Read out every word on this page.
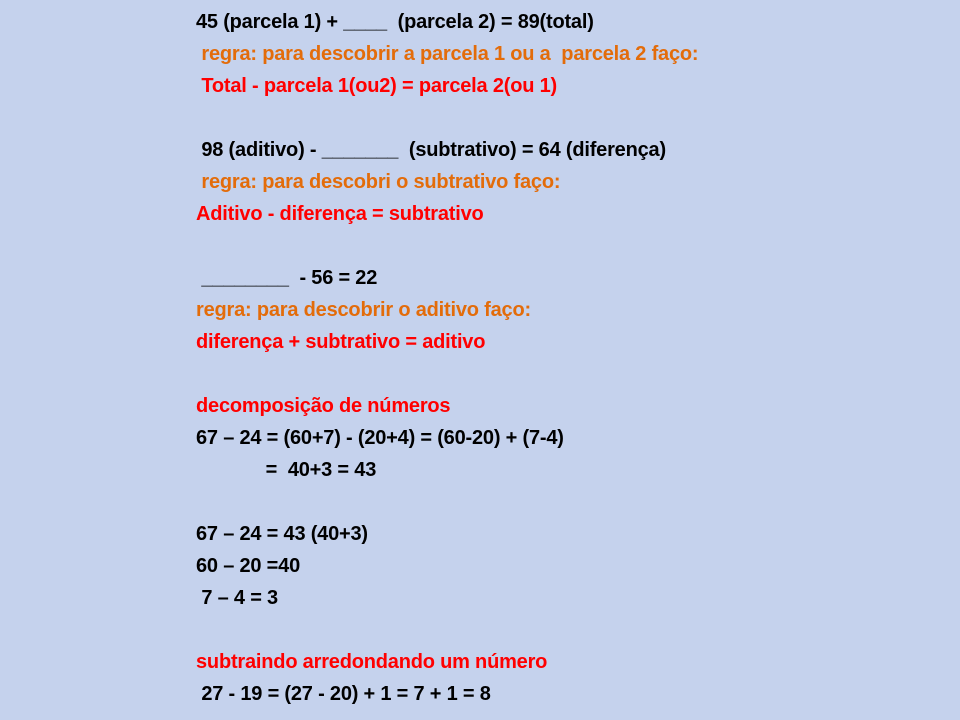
45 (parcela 1) + ____  (parcela 2) = 89(total)
regra: para descobrir a parcela 1 ou a  parcela 2 faço:
Total - parcela 1(ou2) = parcela 2(ou 1)
98 (aditivo) - _______  (subtrativo) = 64 (diferença)
regra: para descobri o subtrativo faço:
Aditivo - diferença = subtrativo
________  - 56 = 22
regra: para descobrir o aditivo faço:
diferença + subtrativo = aditivo
decomposição de números
67 – 24 = (60+7) - (20+4) = (60-20) + (7-4)
=  40+3 = 43
67 – 24 = 43 (40+3)
60 – 20 =40
7 – 4 = 3
subtraindo arredondando um número
27 - 19 = (27 - 20) + 1 = 7 + 1 = 8
